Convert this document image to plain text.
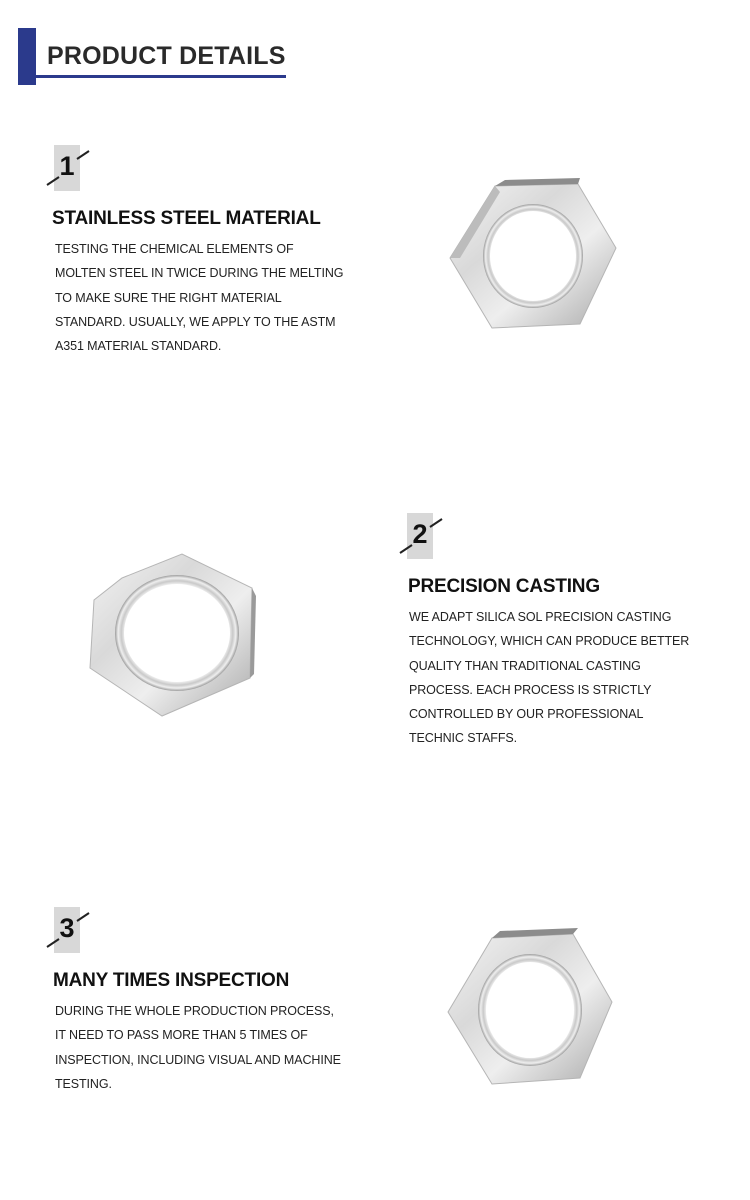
PRODUCT DETAILS
1
STAINLESS STEEL MATERIAL
TESTING THE CHEMICAL ELEMENTS OF
MOLTEN STEEL IN TWICE DURING THE MELTING
TO MAKE SURE THE RIGHT MATERIAL
STANDARD. USUALLY, WE APPLY TO THE ASTM
A351 MATERIAL STANDARD.
2
PRECISION CASTING
WE ADAPT SILICA SOL PRECISION CASTING
TECHNOLOGY, WHICH CAN PRODUCE BETTER
QUALITY THAN TRADITIONAL CASTING
PROCESS. EACH PROCESS IS STRICTLY
CONTROLLED BY OUR PROFESSIONAL
TECHNIC STAFFS.
3
MANY TIMES INSPECTION
DURING THE WHOLE PRODUCTION PROCESS,
IT NEED TO PASS MORE THAN 5 TIMES OF
INSPECTION, INCLUDING VISUAL AND MACHINE
TESTING.
